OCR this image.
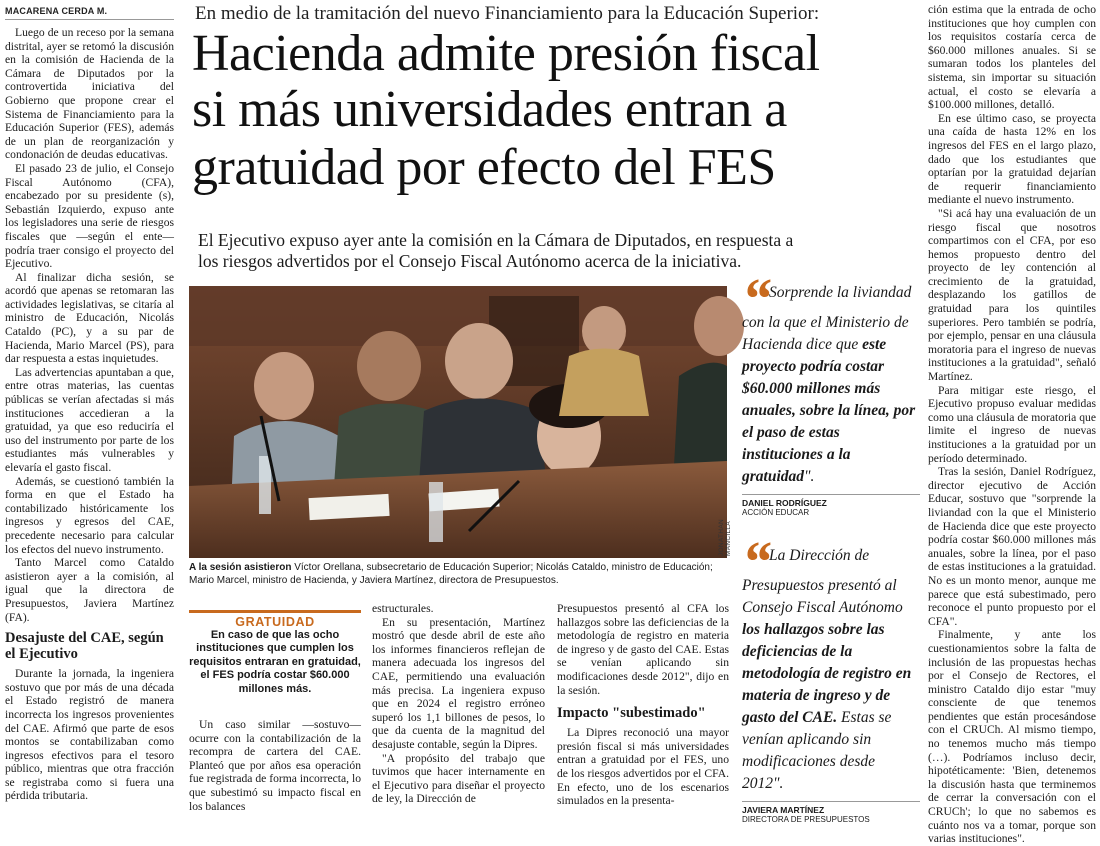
MACARENA CERDA M.

Luego de un receso por la semana distrital, ayer se retomó la discusión en la comisión de Hacienda de la Cámara de Diputados por la controvertida iniciativa del Gobierno que propone crear el Sistema de Financiamiento para la Educación Superior (FES), además de un plan de reorganización y condonación de deudas educativas.

El pasado 23 de julio, el Consejo Fiscal Autónomo (CFA), encabezado por su presidente (s), Sebastián Izquierdo, expuso ante los legisladores una serie de riesgos fiscales que —según el ente— podría traer consigo el proyecto del Ejecutivo.

Al finalizar dicha sesión, se acordó que apenas se retomaran las actividades legislativas, se citaría al ministro de Educación, Nicolás Cataldo (PC), y a su par de Hacienda, Mario Marcel (PS), para dar respuesta a estas inquietudes.

Las advertencias apuntaban a que, entre otras materias, las cuentas públicas se verían afectadas si más instituciones accedieran a la gratuidad, ya que eso reduciría el uso del instrumento por parte de los estudiantes más vulnerables y elevaría el gasto fiscal.

Además, se cuestionó también la forma en que el Estado ha contabilizado históricamente los ingresos y egresos del CAE, precedente necesario para calcular los efectos del nuevo instrumento.

Tanto Marcel como Cataldo asistieron ayer a la comisión, al igual que la directora de Presupuestos, Javiera Martínez (FA).

Desajuste del CAE, según el Ejecutivo

Durante la jornada, la ingeniera sostuvo que por más de una década el Estado registró de manera incorrecta los ingresos provenientes del CAE. Afirmó que parte de esos montos se contabilizaban como ingresos efectivos para el tesoro público, mientras que otra fracción se registraba como si fuera una pérdida tributaria.

En medio de la tramitación del nuevo Financiamiento para la Educación Superior:
Hacienda admite presión fiscal
si más universidades entran a
gratuidad por efecto del FES
El Ejecutivo expuso ayer ante la comisión en la Cámara de Diputados, en respuesta a
los riesgos advertidos por el Consejo Fiscal Autónomo acerca de la iniciativa.
JONATHAN MANCILLA
A la sesión asistieron Víctor Orellana, subsecretario de Educación Superior; Nicolás Cataldo, ministro de Educación; Mario Marcel, ministro de Hacienda, y Javiera Martínez, directora de Presupuestos.
GRATUIDAD
En caso de que las ocho instituciones que cumplen los requisitos entraran en gratuidad, el FES podría costar $60.000 millones más.

Un caso similar —sostuvo— ocurre con la contabilización de la recompra de cartera del CAE. Planteó que por años esa operación fue registrada de forma incorrecta, lo que subestimó su impacto fiscal en los balances

estructurales.

En su presentación, Martínez mostró que desde abril de este año los informes financieros reflejan de manera adecuada los ingresos del CAE, permitiendo una evaluación más precisa. La ingeniera expuso que en 2024 el registro erróneo superó los 1,1 billones de pesos, lo que da cuenta de la magnitud del desajuste contable, según la Dipres.

"A propósito del trabajo que tuvimos que hacer internamente en el Ejecutivo para diseñar el proyecto de ley, la Dirección de

Presupuestos presentó al CFA los hallazgos sobre las deficiencias de la metodología de registro en materia de ingreso y de gasto del CAE. Estas se venían aplicando sin modificaciones desde 2012", dijo en la sesión.

Impacto "subestimado"

La Dipres reconoció una mayor presión fiscal si más universidades entran a gratuidad por el FES, uno de los riesgos advertidos por el CFA. En efecto, uno de los escenarios simulados en la presenta-

“ Sorprende la liviandad con la que el Ministerio de Hacienda dice que este proyecto podría costar $60.000 millones más anuales, sobre la línea, por el paso de estas instituciones a la gratuidad".
DANIEL RODRÍGUEZ
ACCIÓN EDUCAR
“ La Dirección de Presupuestos presentó al Consejo Fiscal Autónomo los hallazgos sobre las deficiencias de la metodología de registro en materia de ingreso y de gasto del CAE. Estas se venían aplicando sin modificaciones desde 2012".
JAVIERA MARTÍNEZ
DIRECTORA DE PRESUPUESTOS

ción estima que la entrada de ocho instituciones que hoy cumplen con los requisitos costaría cerca de $60.000 millones anuales. Si se sumaran todos los planteles del sistema, sin importar su situación actual, el costo se elevaría a $100.000 millones, detalló.

En ese último caso, se proyecta una caída de hasta 12% en los ingresos del FES en el largo plazo, dado que los estudiantes que optarían por la gratuidad dejarían de requerir financiamiento mediante el nuevo instrumento.

"Si acá hay una evaluación de un riesgo fiscal que nosotros compartimos con el CFA, por eso hemos propuesto dentro del proyecto de ley contención al crecimiento de la gratuidad, desplazando los gatillos de gratuidad para los quintiles superiores. Pero también se podría, por ejemplo, pensar en una cláusula moratoria para el ingreso de nuevas instituciones a la gratuidad", señaló Martínez.

Para mitigar este riesgo, el Ejecutivo propuso evaluar medidas como una cláusula de moratoria que limite el ingreso de nuevas instituciones a la gratuidad por un período determinado.

Tras la sesión, Daniel Rodríguez, director ejecutivo de Acción Educar, sostuvo que "sorprende la liviandad con la que el Ministerio de Hacienda dice que este proyecto podría costar $60.000 millones más anuales, sobre la línea, por el paso de estas instituciones a la gratuidad. No es un monto menor, aunque me parece que está subestimado, pero reconoce el punto propuesto por el CFA".

Finalmente, y ante los cuestionamientos sobre la falta de inclusión de las propuestas hechas por el Consejo de Rectores, el ministro Cataldo dijo estar "muy consciente de que tenemos pendientes que están procesándose con el CRUCh. Al mismo tiempo, no tenemos mucho más tiempo (…). Podríamos incluso decir, hipotéticamente: 'Bien, detenemos la discusión hasta que terminemos de cerrar la conversación con el CRUCh'; lo que no sabemos es cuánto nos va a tomar, porque son varias instituciones".
